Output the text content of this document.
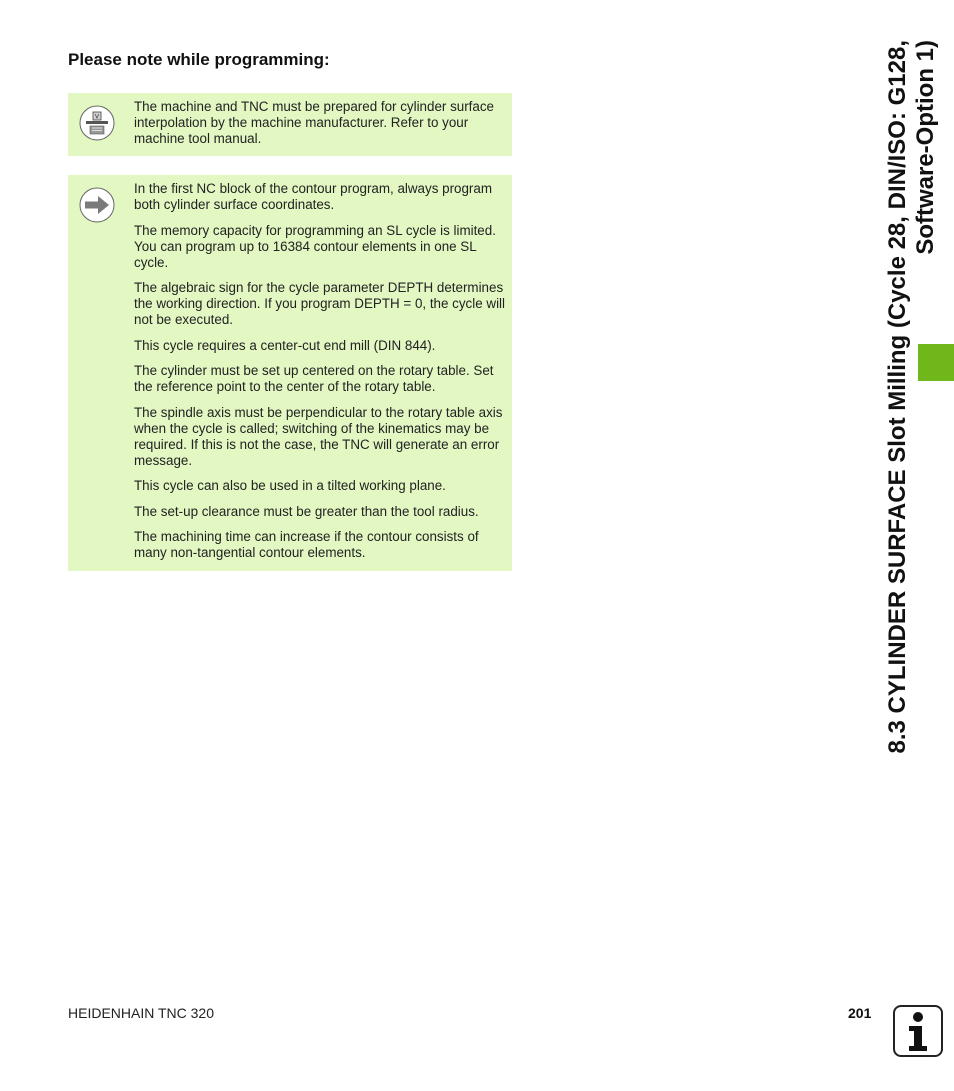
Please note while programming:
V

The machine and TNC must be prepared for cylinder surface interpolation by the machine manufacturer. Refer to your machine tool manual.

In the first NC block of the contour program, always program both cylinder surface coordinates.

The memory capacity for programming an SL cycle is limited. You can program up to 16384 contour elements in one SL cycle.

The algebraic sign for the cycle parameter DEPTH determines the working direction. If you program DEPTH = 0, the cycle will not be executed.

This cycle requires a center-cut end mill (DIN 844).

The cylinder must be set up centered on the rotary table. Set the reference point to the center of the rotary table.

The spindle axis must be perpendicular to the rotary table axis when the cycle is called; switching of the kinematics may be required. If this is not the case, the TNC will generate an error message.

This cycle can also be used in a tilted working plane.

The set-up clearance must be greater than the tool radius.

The machining time can increase if the contour consists of many non-tangential contour elements.	8.3 CYLINDER SURFACE Slot Milling (Cycle 28, DIN/ISO: G128, Software-Option 1)
HEIDENHAIN TNC 320	201
